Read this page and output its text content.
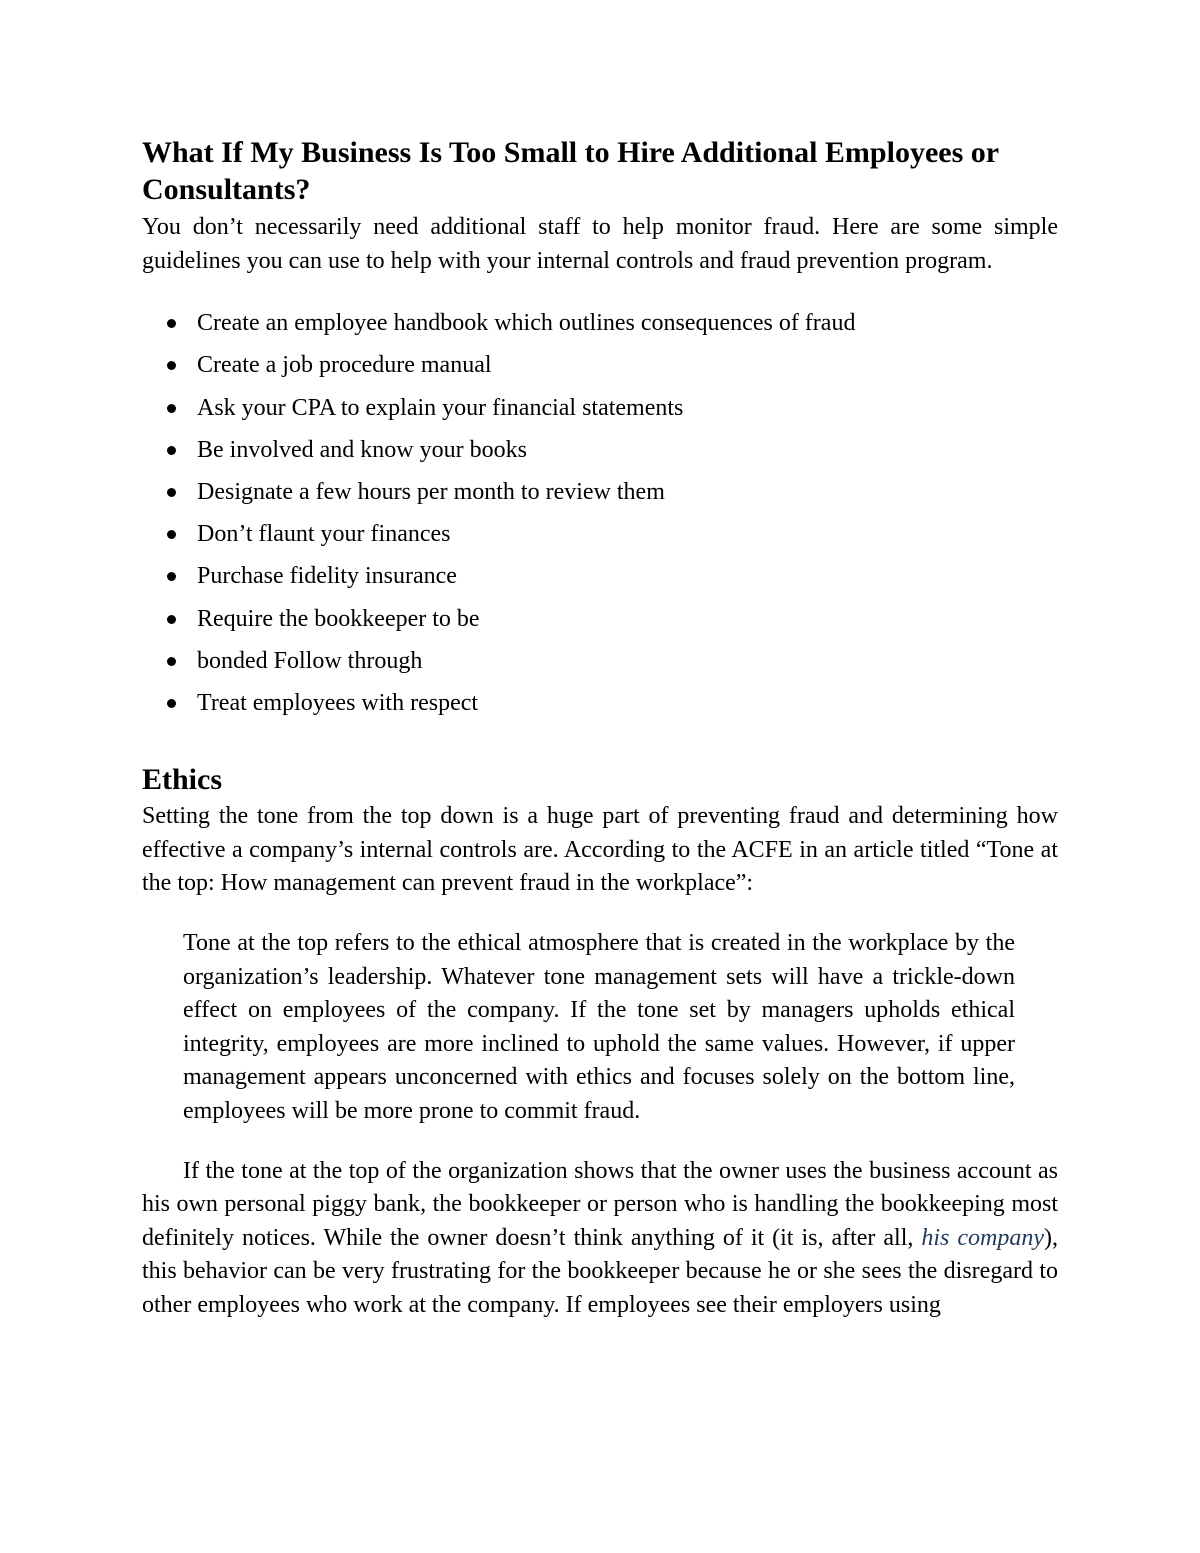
What If My Business Is Too Small to Hire Additional Employees or Consultants?

You don’t necessarily need additional staff to help monitor fraud. Here are some simple guidelines you can use to help with your internal controls and fraud prevention program.

Create an employee handbook which outlines consequences of fraud
Create a job procedure manual
Ask your CPA to explain your financial statements
Be involved and know your books
Designate a few hours per month to review them
Don’t flaunt your finances
Purchase fidelity insurance
Require the bookkeeper to be
bonded Follow through
Treat employees with respect
Ethics

Setting the tone from the top down is a huge part of preventing fraud and determining how effective a company’s internal controls are. According to the ACFE in an article titled “Tone at the top: How management can prevent fraud in the workplace”:

Tone at the top refers to the ethical atmosphere that is created in the workplace by the organization’s leadership. Whatever tone management sets will have a trickle-down effect on employees of the company. If the tone set by managers upholds ethical integrity, employees are more inclined to uphold the same values. However, if upper management appears unconcerned with ethics and focuses solely on the bottom line, employees will be more prone to commit fraud.

If the tone at the top of the organization shows that the owner uses the business account as his own personal piggy bank, the bookkeeper or person who is handling the bookkeeping most definitely notices. While the owner doesn’t think anything of it (it is, after all, his company), this behavior can be very frustrating for the bookkeeper because he or she sees the disregard to other employees who work at the company. If employees see their employers using
